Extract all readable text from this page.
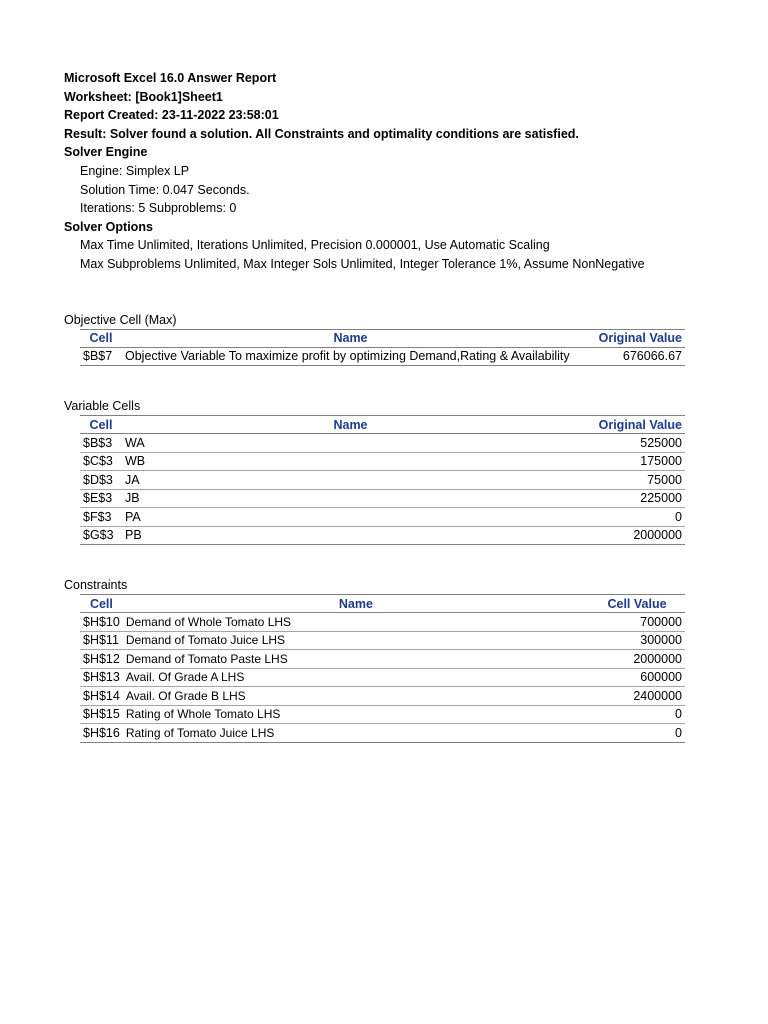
Microsoft Excel 16.0 Answer Report
Worksheet: [Book1]Sheet1
Report Created: 23-11-2022 23:58:01
Result: Solver found a solution. All Constraints and optimality conditions are satisfied.
Solver Engine
Engine: Simplex LP
Solution Time: 0.047 Seconds.
Iterations: 5 Subproblems: 0
Solver Options
Max Time Unlimited, Iterations Unlimited, Precision 0.000001, Use Automatic Scaling
Max Subproblems Unlimited, Max Integer Sols Unlimited, Integer Tolerance 1%, Assume NonNegative
Objective Cell (Max)
Cell	Name	Original Value
$B$7	Objective Variable To maximize profit by optimizing Demand,Rating & Availability	676066.67
Variable Cells
Cell	Name	Original Value
$B$3	WA	525000
$C$3	WB	175000
$D$3	JA	75000
$E$3	JB	225000
$F$3	PA	0
$G$3	PB	2000000
Constraints
Cell	Name	Cell Value
$H$10	Demand of Whole Tomato LHS	700000
$H$11	Demand of Tomato Juice LHS	300000
$H$12	Demand of Tomato Paste LHS	2000000
$H$13	Avail. Of Grade A LHS	600000
$H$14	Avail. Of Grade B LHS	2400000
$H$15	Rating of Whole Tomato LHS	0
$H$16	Rating of Tomato Juice LHS	0
